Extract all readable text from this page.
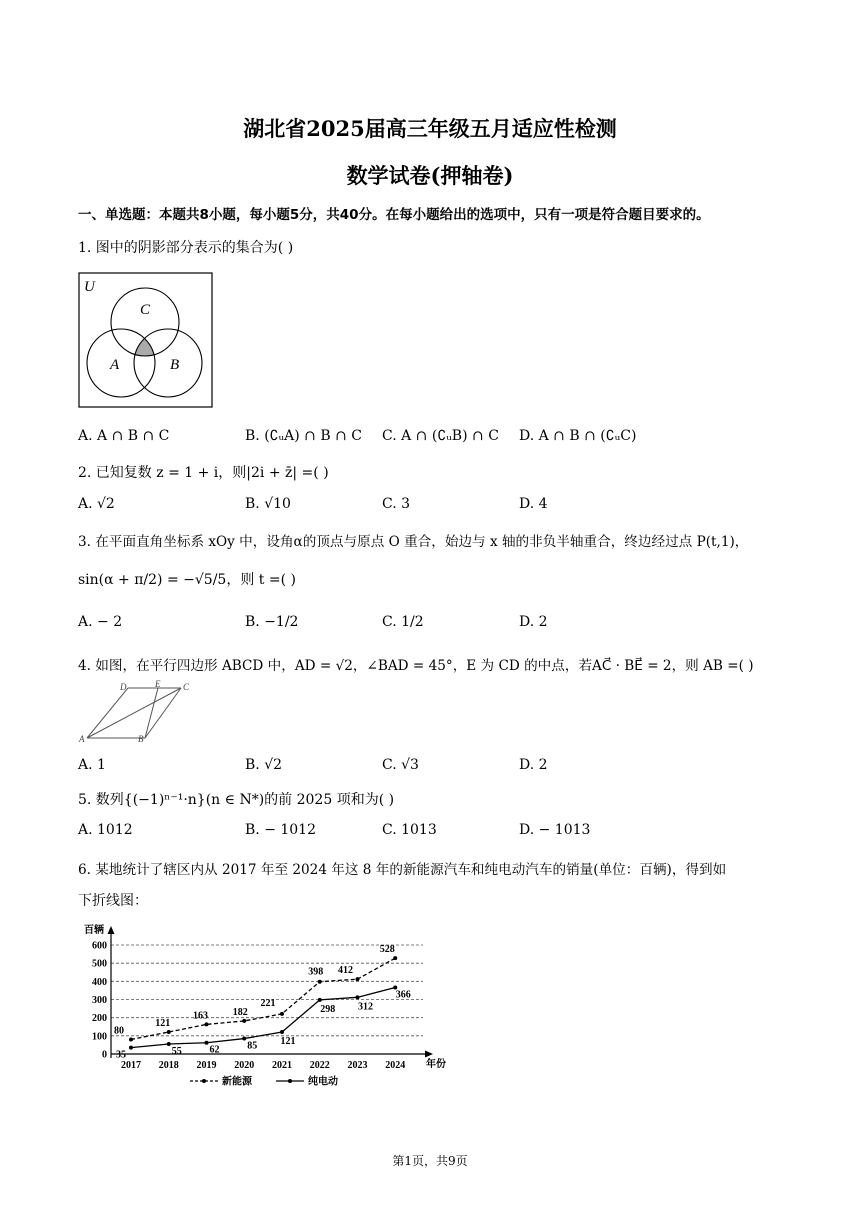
湖北省2025届高三年级五月适应性检测
数学试卷(押轴卷)
一、单选题：本题共8小题，每小题5分，共40分。在每小题给出的选项中，只有一项是符合题目要求的。
1. 图中的阴影部分表示的集合为( )
U
C
A	B
A. A ∩ B ∩ C	B. (∁ᵤA) ∩ B ∩ C C. A ∩ (∁ᵤB) ∩ C D. A ∩ B ∩ (∁ᵤC)
2. 已知复数 z = 1 + i，则|2i + z̄| =( )
A. √2	B. √10	C. 3	D. 4
3. 在平面直角坐标系 xOy 中，设角α的顶点与原点 O 重合，始边与 x 轴的非负半轴重合，终边经过点 P(t,1)，
sin(α + π/2) = −√5/5，则 t =( )
A. − 2	B. −1/2	C. 1/2	D. 2
4. 如图，在平行四边形 ABCD 中，AD = √2，∠BAD = 45°，E 为 CD 的中点，若AC⃗ · BE⃗ = 2，则 AB =( )
A	B
C
D	E
A. 1	B. √2	C. √3	D. 2
5. 数列{(−1)ⁿ⁻¹·n}(n ∈ N*)的前 2025 项和为( )
A. 1012	B. − 1012	C. 1013	D. − 1013
6. 某地统计了辖区内从 2017 年至 2024 年这 8 年的新能源汽车和纯电动汽车的销量(单位：百辆)，得到如
下折线图：
百辆
年份
0
100
200
300
400
500
600
2017 2018 2019 2020 2021 2022 2023 2024
80
121
163 182
221
398 412
528
35	55	62	85 121
298 312
366
新能源	纯电动
第1页，共9页
